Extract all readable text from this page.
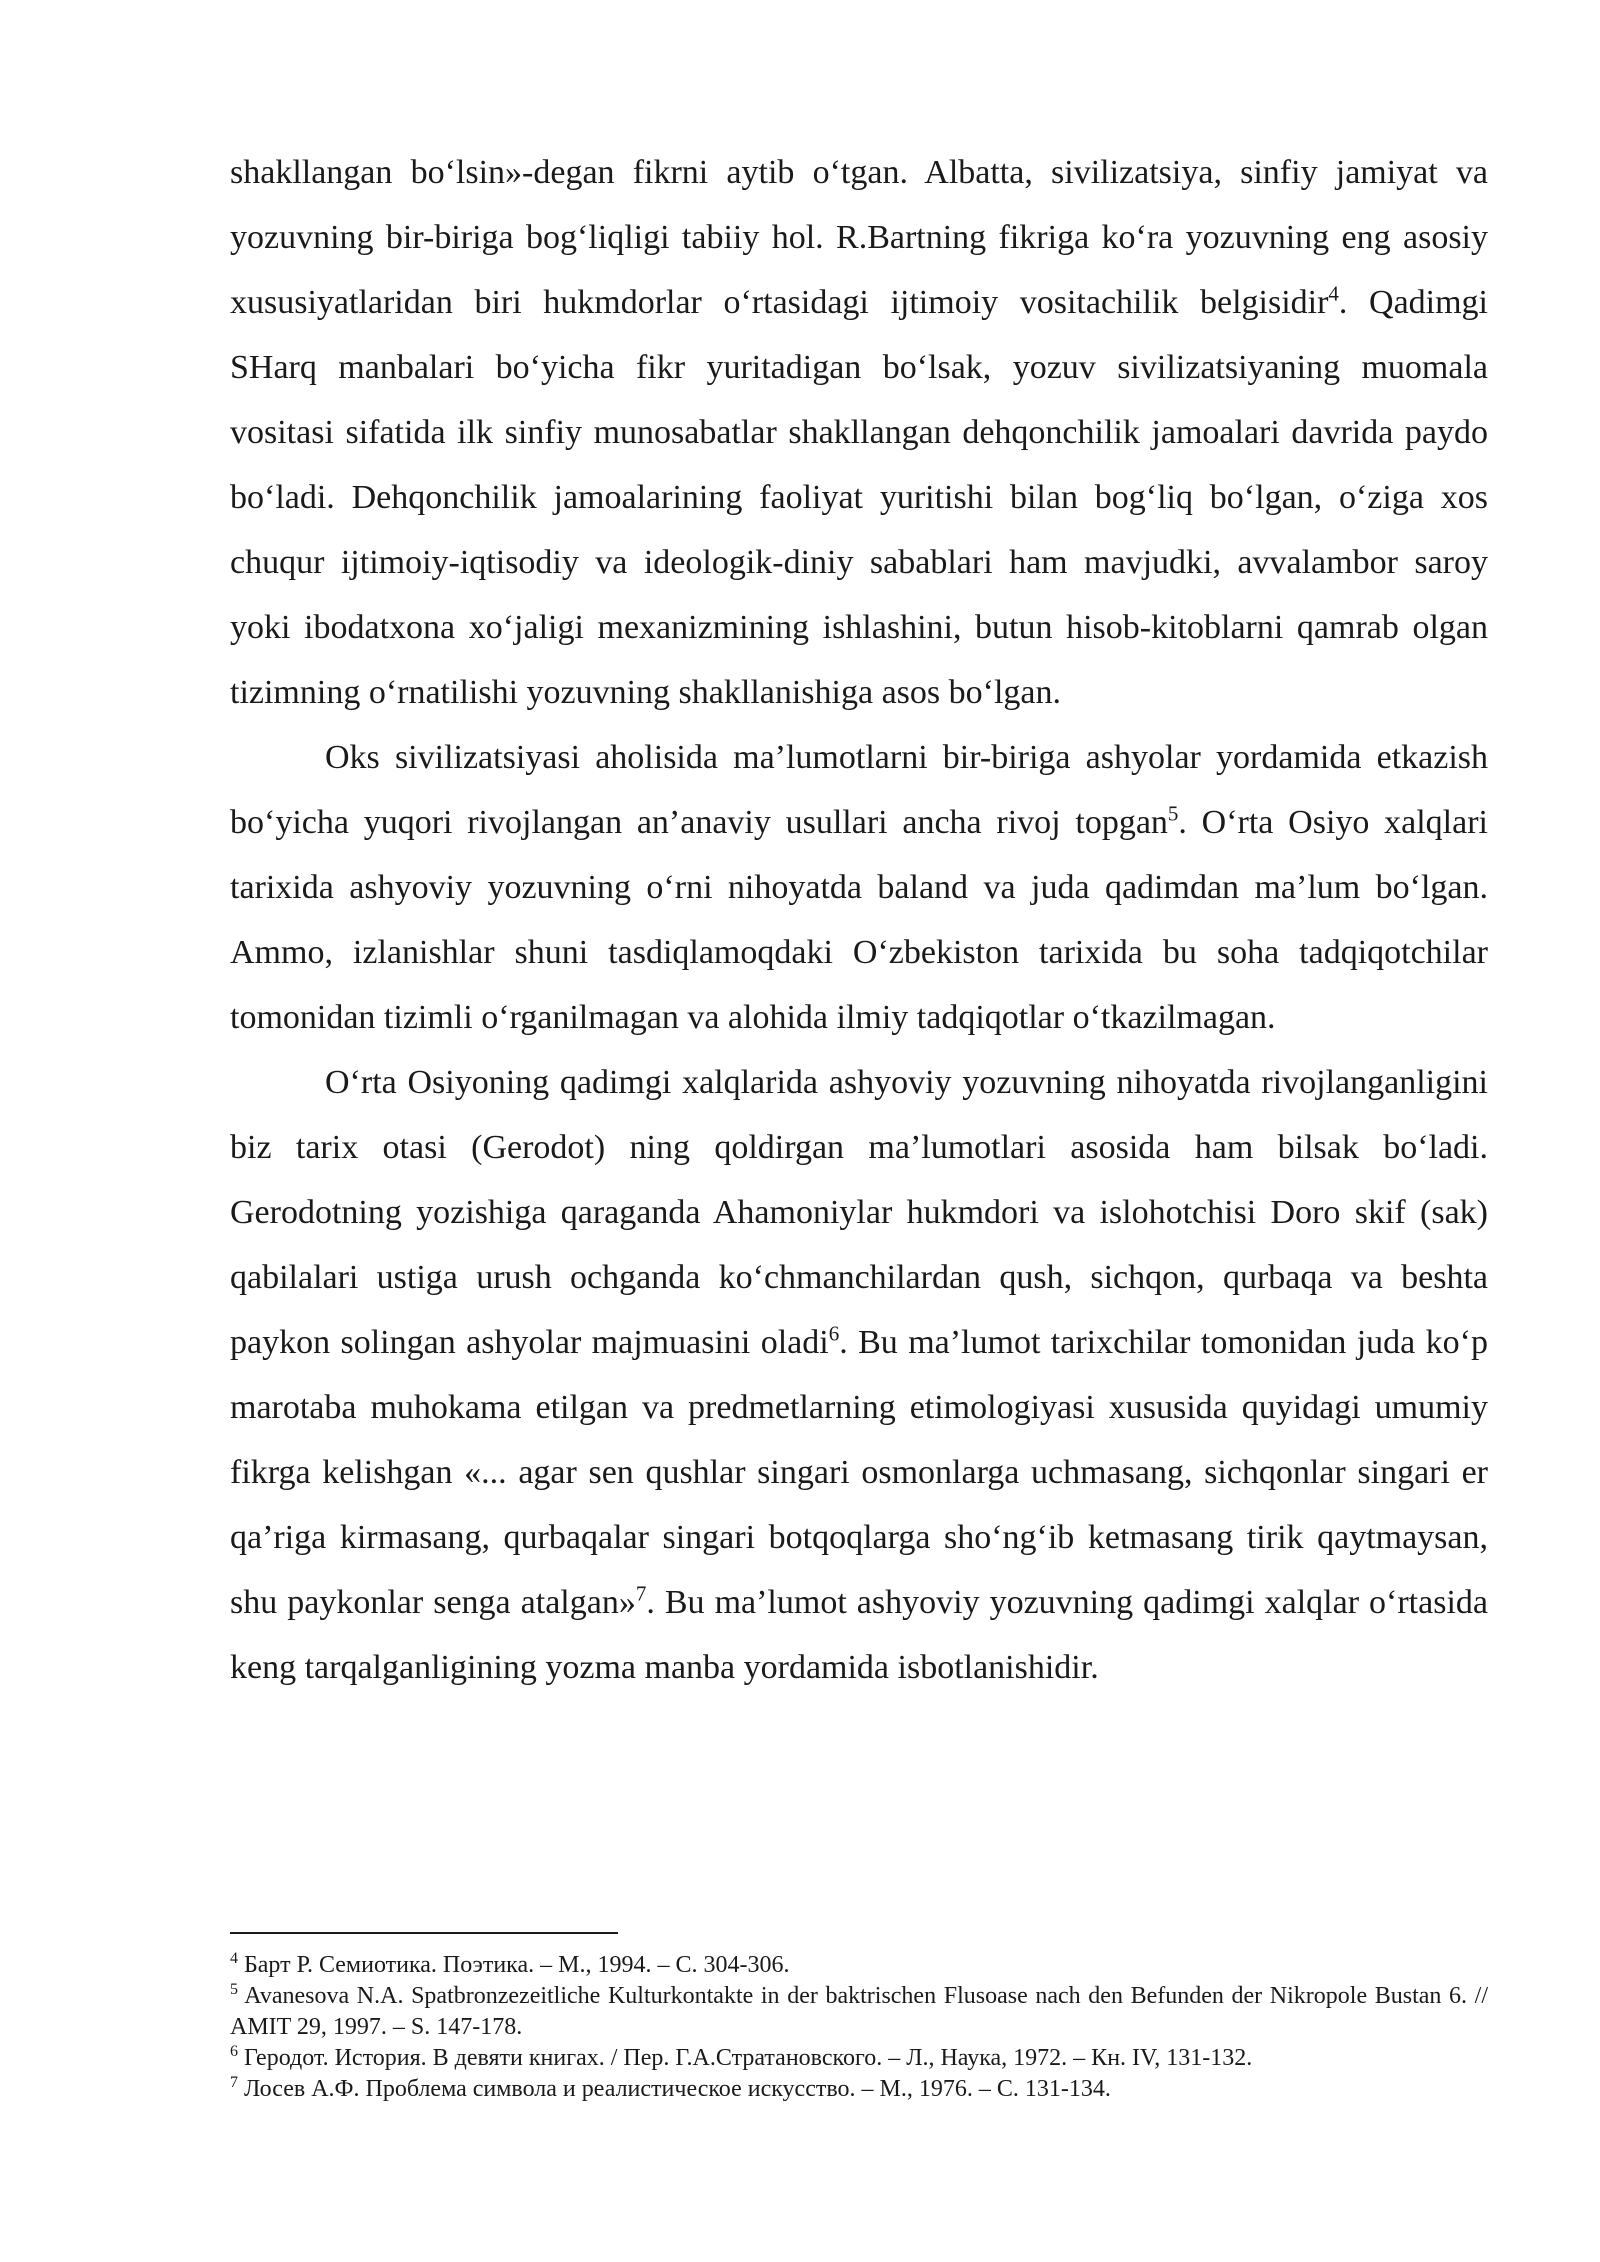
shakllangan bo‘lsin»-degan fikrni aytib o‘tgan. Albatta, sivilizatsiya, sinfiy jamiyat va yozuvning bir-biriga bog‘liqligi tabiiy hol. R.Bartning fikriga ko‘ra yozuvning eng asosiy xususiyatlaridan biri hukmdorlar o‘rtasidagi ijtimoiy vositachilik belgisidir$^4$. Qadimgi SHarq manbalari bo‘yicha fikr yuritadigan bo‘lsak, yozuv sivilizatsiyaning muomala vositasi sifatida ilk sinfiy munosabatlar shakllangan dehqonchilik jamoalari davrida paydo bo‘ladi. Dehqonchilik jamoalarining faoliyat yuritishi bilan bog‘liq bo‘lgan, o‘ziga xos chuqur ijtimoiy-iqtisodiy va ideologik-diniy sabablari ham mavjudki, avvalambor saroy yoki ibodatxona xo‘jaligi mexanizmining ishlashini, butun hisob-kitoblarni qamrab olgan tizimning o‘rnatilishi yozuvning shakllanishiga asos bo‘lgan.

Oks sivilizatsiyasi aholisida ma’lumotlarni bir-biriga ashyolar yordamida etkazish bo‘yicha yuqori rivojlangan an’anaviy usullari ancha rivoj topgan$^5$. O‘rta Osiyo xalqlari tarixida ashyoviy yozuvning o‘rni nihoyatda baland va juda qadimdan ma’lum bo‘lgan. Ammo, izlanishlar shuni tasdiqlamoqdaki O‘zbekiston tarixida bu soha tadqiqotchilar tomonidan tizimli o‘rganilmagan va alohida ilmiy tadqiqotlar o‘tkazilmagan.

O‘rta Osiyoning qadimgi xalqlarida ashyoviy yozuvning nihoyatda rivojlanganligini biz tarix otasi (Gerodot) ning qoldirgan ma’lumotlari asosida ham bilsak bo‘ladi. Gerodotning yozishiga qaraganda Ahamoniylar hukmdori va islohotchisi Doro skif (sak) qabilalari ustiga urush ochganda ko‘chmanchilardan qush, sichqon, qurbaqa va beshta paykon solingan ashyolar majmuasini oladi$^6$. Bu ma’lumot tarixchilar tomonidan juda ko‘p marotaba muhokama etilgan va predmetlarning etimologiyasi xususida quyidagi umumiy fikrga kelishgan «... agar sen qushlar singari osmonlarga uchmasang, sichqonlar singari er qa’riga kirmasang, qurbaqalar singari botqoqlarga sho‘ng‘ib ketmasang tirik qaytmaysan, shu paykonlar senga atalgan»$^7$. Bu ma’lumot ashyoviy yozuvning qadimgi xalqlar o‘rtasida keng tarqalganligining yozma manba yordamida isbotlanishidir.

$^4$ Барт Р. Семиотика. Поэтика. – М., 1994. – С. 304-306.

$^5$ Avanesova N.A. Spatbronzezeitliche Kulturkontakte in der baktrischen Flusoase nach den Befunden der Nikropole Bustan 6. // AMIT 29, 1997. – S. 147-178.

$^6$ Геродот. История. В девяти книгах. / Пер. Г.А.Стратановского. – Л., Наука, 1972. – Кн. IV, 131-132.

$^7$ Лосев А.Ф. Проблема символа и реалистическое искусство. – М., 1976. – С. 131-134.
